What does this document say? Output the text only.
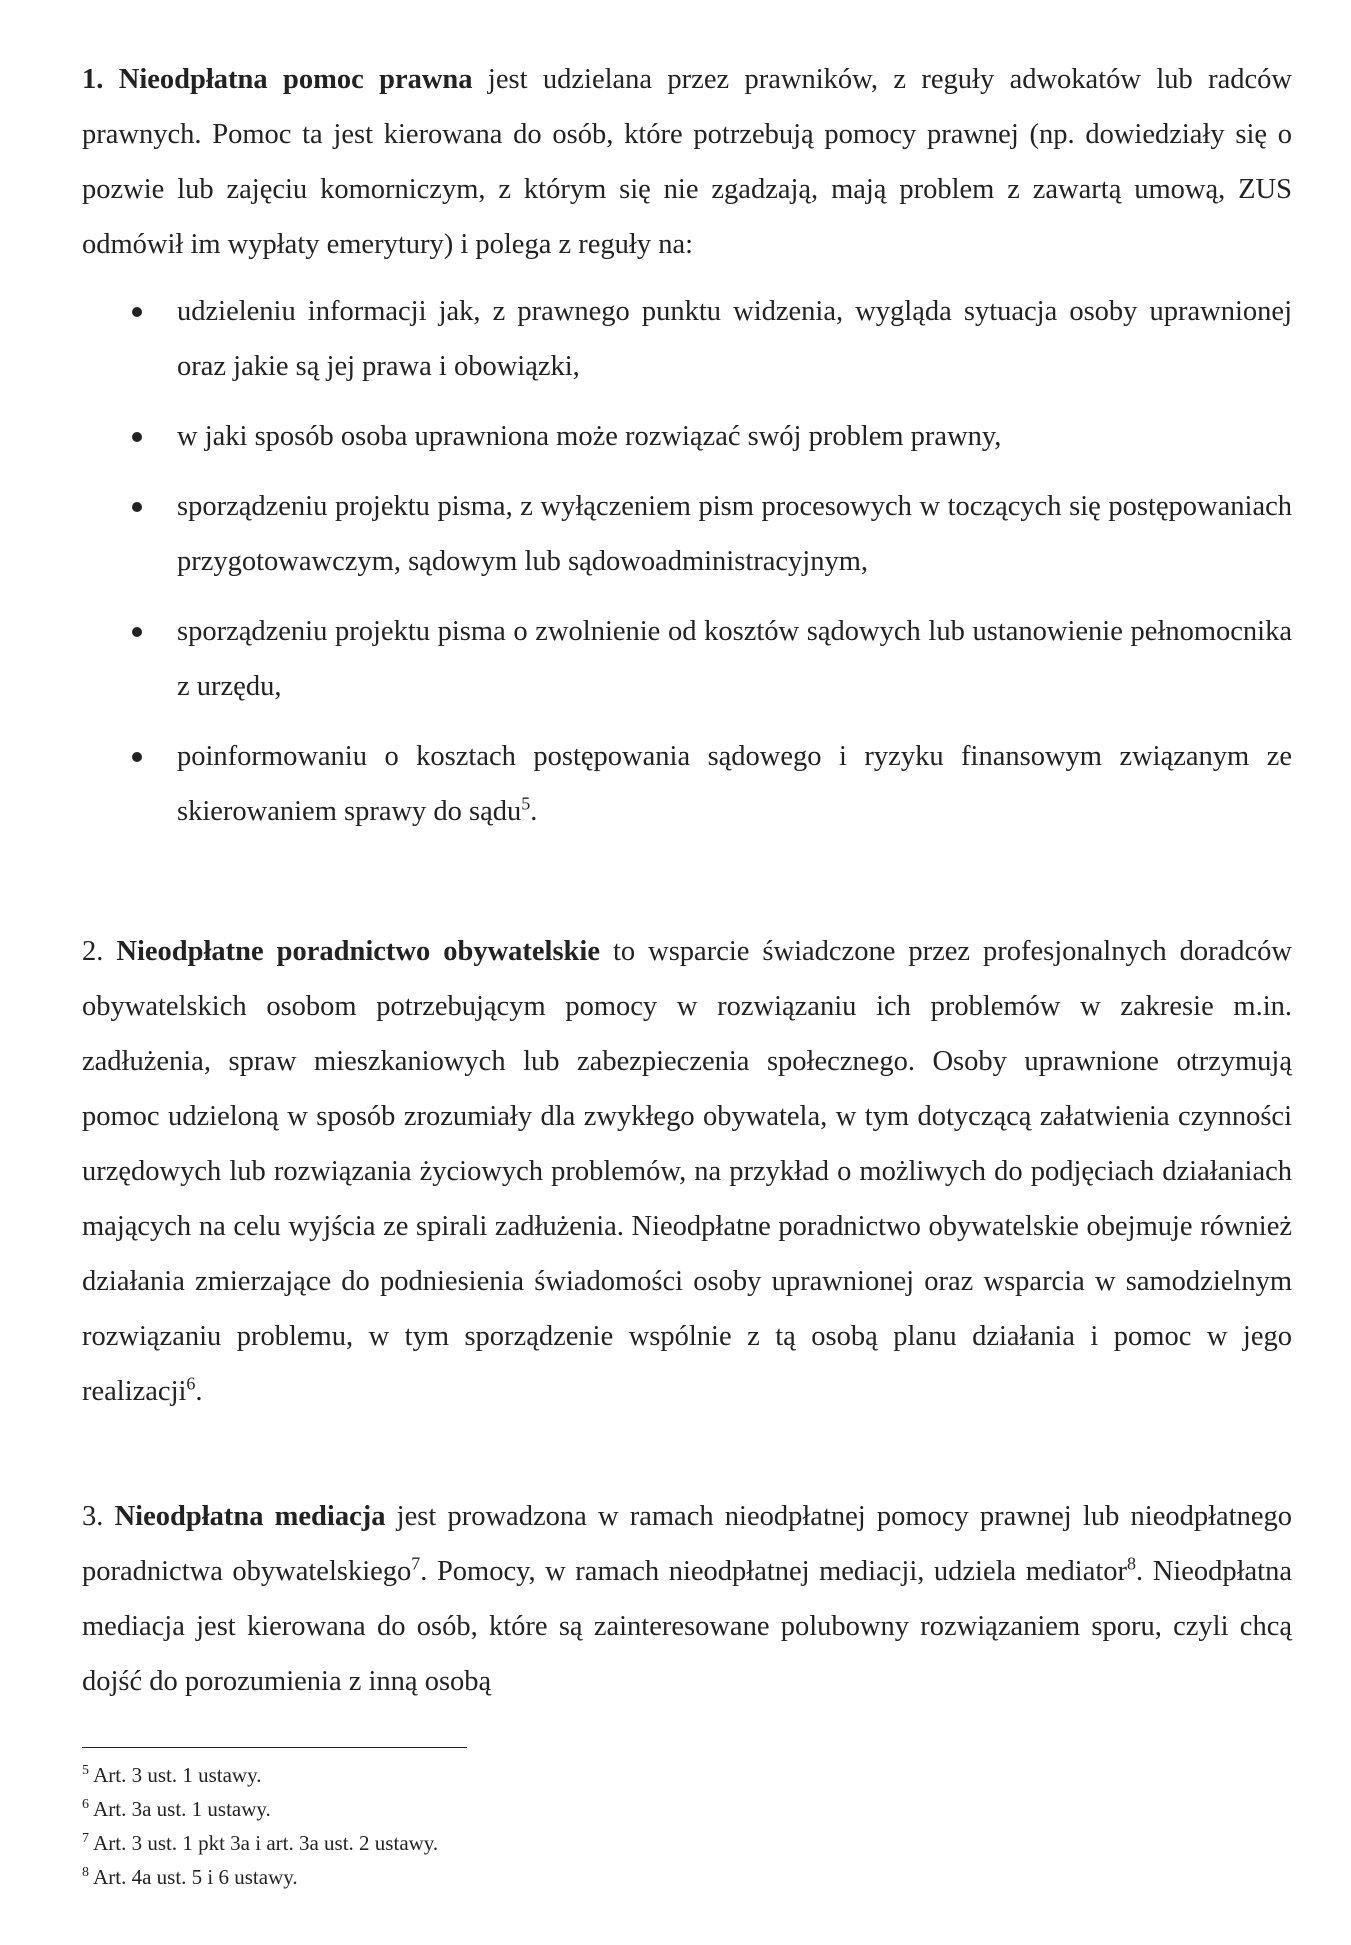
1. Nieodpłatna pomoc prawna jest udzielana przez prawników, z reguły adwokatów lub radców prawnych. Pomoc ta jest kierowana do osób, które potrzebują pomocy prawnej (np. dowiedziały się o pozwie lub zajęciu komorniczym, z którym się nie zgadzają, mają problem z zawartą umową, ZUS odmówił im wypłaty emerytury) i polega z reguły na:

udzieleniu informacji jak, z prawnego punktu widzenia, wygląda sytuacja osoby uprawnionej oraz jakie są jej prawa i obowiązki,
w jaki sposób osoba uprawniona może rozwiązać swój problem prawny,
sporządzeniu projektu pisma, z wyłączeniem pism procesowych w toczących się postępowaniach przygotowawczym, sądowym lub sądowoadministracyjnym,
sporządzeniu projektu pisma o zwolnienie od kosztów sądowych lub ustanowienie pełnomocnika z urzędu,
poinformowaniu o kosztach postępowania sądowego i ryzyku finansowym związanym ze skierowaniem sprawy do sądu$^5$.

2. Nieodpłatne poradnictwo obywatelskie to wsparcie świadczone przez profesjonalnych doradców obywatelskich osobom potrzebującym pomocy w rozwiązaniu ich problemów w zakresie m.in. zadłużenia, spraw mieszkaniowych lub zabezpieczenia społecznego. Osoby uprawnione otrzymują pomoc udzieloną w sposób zrozumiały dla zwykłego obywatela, w tym dotyczącą załatwienia czynności urzędowych lub rozwiązania życiowych problemów, na przykład o możliwych do podjęciach działaniach mających na celu wyjścia ze spirali zadłużenia. Nieodpłatne poradnictwo obywatelskie obejmuje również działania zmierzające do podniesienia świadomości osoby uprawnionej oraz wsparcia w samodzielnym rozwiązaniu problemu, w tym sporządzenie wspólnie z tą osobą planu działania i pomoc w jego realizacji$^6$.

3. Nieodpłatna mediacja jest prowadzona w ramach nieodpłatnej pomocy prawnej lub nieodpłatnego poradnictwa obywatelskiego$^7$. Pomocy, w ramach nieodpłatnej mediacji, udziela mediator$^8$. Nieodpłatna mediacja jest kierowana do osób, które są zainteresowane polubowny rozwiązaniem sporu, czyli chcą dojść do porozumienia z inną osobą

$^5$ Art. 3 ust. 1 ustawy.
$^6$ Art. 3a ust. 1 ustawy.
$^7$ Art. 3 ust. 1 pkt 3a i art. 3a ust. 2 ustawy.
$^8$ Art. 4a ust. 5 i 6 ustawy.
